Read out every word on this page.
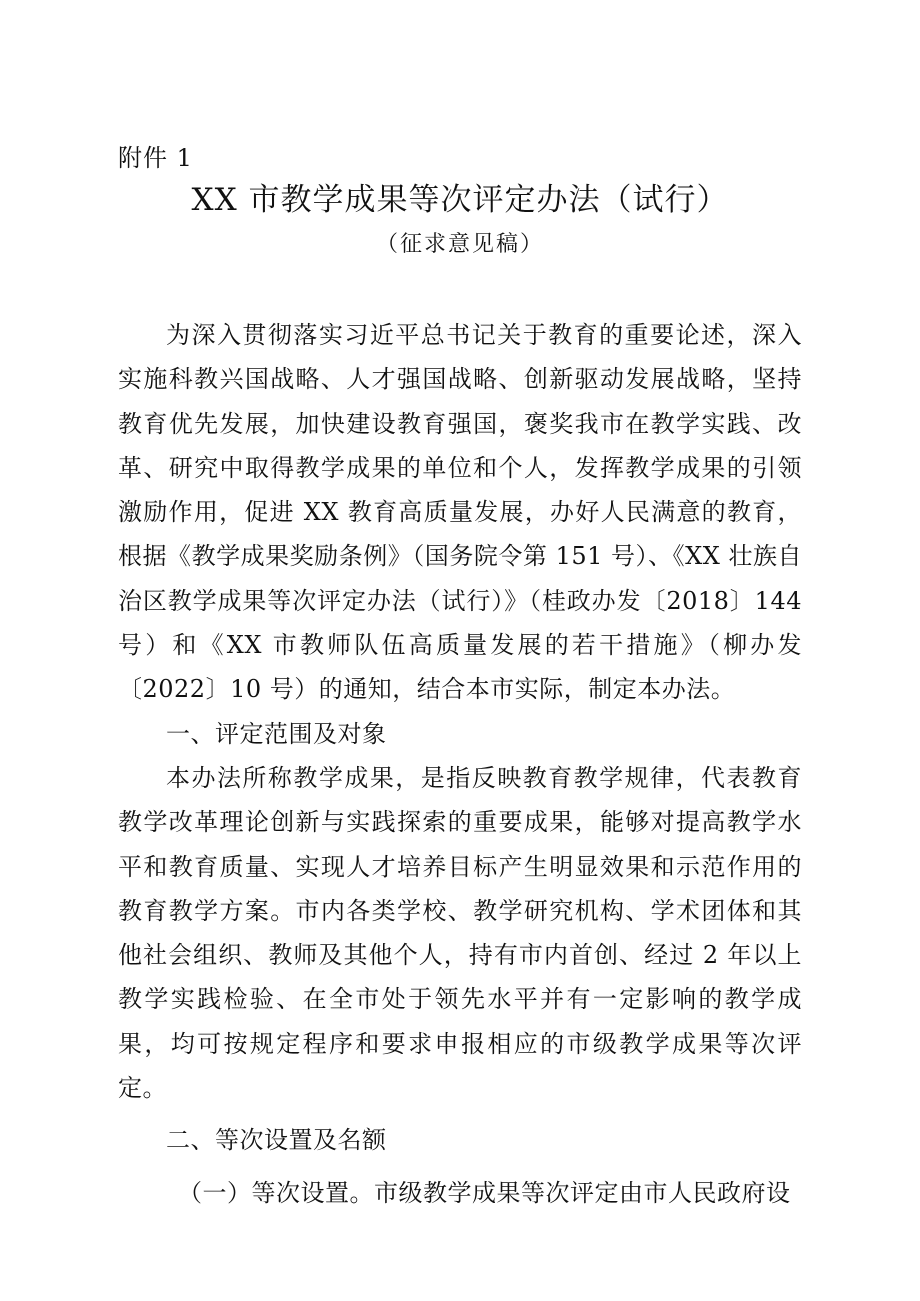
附件 1
XX 市教学成果等次评定办法（试行）
（征求意见稿）

为深入贯彻落实习近平总书记关于教育的重要论述，深入实施科教兴国战略、人才强国战略、创新驱动发展战略，坚持教育优先发展，加快建设教育强国，褒奖我市在教学实践、改革、研究中取得教学成果的单位和个人，发挥教学成果的引领激励作用，促进 XX 教育高质量发展，办好人民满意的教育，根据《教学成果奖励条例》（国务院令第 151 号）、《XX 壮族自治区教学成果等次评定办法（试行）》（桂政办发〔2018〕144 号）和《XX 市教师队伍高质量发展的若干措施》（柳办发〔2022〕10 号）的通知，结合本市实际，制定本办法。

一、评定范围及对象

本办法所称教学成果，是指反映教育教学规律，代表教育教学改革理论创新与实践探索的重要成果，能够对提高教学水平和教育质量、实现人才培养目标产生明显效果和示范作用的教育教学方案。市内各类学校、教学研究机构、学术团体和其他社会组织、教师及其他个人，持有市内首创、经过 2 年以上教学实践检验、在全市处于领先水平并有一定影响的教学成果，均可按规定程序和要求申报相应的市级教学成果等次评定。

二、等次设置及名额

（一）等次设置。市级教学成果等次评定由市人民政府设
